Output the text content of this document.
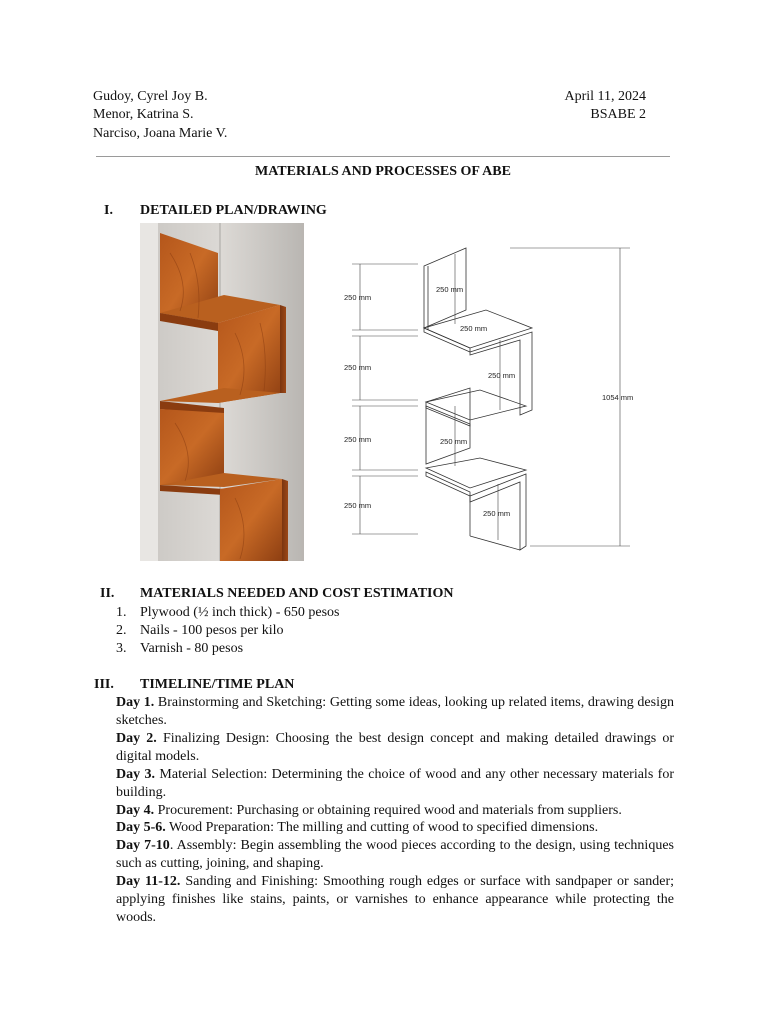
Gudoy, Cyrel Joy B.
Menor, Katrina S.
Narciso, Joana Marie V.
April 11, 2024
BSABE 2
MATERIALS AND PROCESSES OF ABE
I.	DETAILED PLAN/DRAWING
250 mm
250 mm
250 mm
250 mm
250 mm
250 mm
250 mm
250 mm
250 mm
1054 mm
II.	MATERIALS NEEDED AND COST ESTIMATION
1. Plywood (½ inch thick) - 650 pesos
2. Nails - 100 pesos per kilo
3. Varnish - 80 pesos
III.	TIMELINE/TIME PLAN
Day 1. Brainstorming and Sketching: Getting some ideas, looking up related items, drawing design sketches.
Day 2. Finalizing Design: Choosing the best design concept and making detailed drawings or digital models.
Day 3. Material Selection: Determining the choice of wood and any other necessary materials for building.
Day 4. Procurement: Purchasing or obtaining required wood and materials from suppliers.
Day 5-6. Wood Preparation: The milling and cutting of wood to specified dimensions.
Day 7-10. Assembly: Begin assembling the wood pieces according to the design, using techniques such as cutting, joining, and shaping.
Day 11-12. Sanding and Finishing: Smoothing rough edges or surface with sandpaper or sander; applying finishes like stains, paints, or varnishes to enhance appearance while protecting the woods.
